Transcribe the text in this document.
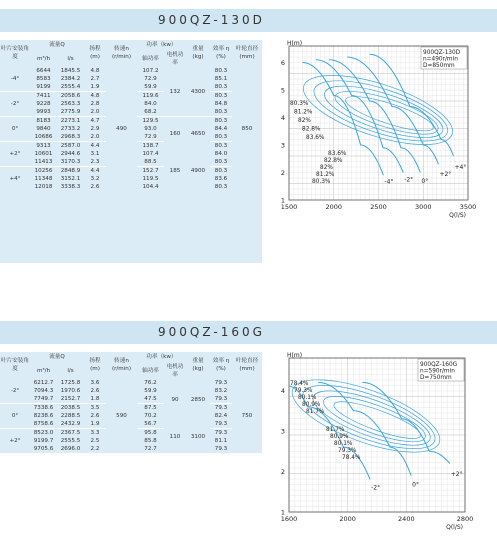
900QZ-130D
叶片安装角度	流量Q		扬程
(m)	转速n
(r/min)	功率（kw）		重量
(kg)	效率 η
(%)	叶轮直径
(mm)
	m³/h	l/s			轴功率	电机功率			
-4°	6644	1845.5	4.8	490	107.2	132	4300	80.3	850
	8583	2384.2	2.7		72.9			85.1	
	9199	2555.4	1.9		59.9			80.3	
-2°	7411	2058.6	4.8		119.6			80.3	
	9228	2563.3	2.8		84.0			84.8	
	9993	2775.9	2.0		68.2			80.3	
0°	8183	2273.1	4.7		129.5	160	4650	80.3	
	9840	2733.2	2.9		93.0			84.4	
	10686	2968.3	2.0		72.9			80.3	
+2°	9313	2587.0	4.4		138.7			80.3	
	10601	2944.6	3.1		107.4	185	4900	84.0	
	11413	3170.3	2.3		88.5			80.3	
+4°	10256	2848.9	4.4		152.7			80.3	
	11348	3152.1	3.2		119.5			83.6	
	12018	3338.3	2.6		104.4			80.3	
1500	2000	2500	3000	3500
1
2
3
4
5
6
H(m)
Q(l/S)
900QZ-130D
n=490r/min
D=850mm
-4° -2° 0°
+2°
+4°
80.3%
81.2%
82%
82.8%
83.6%
83.6%
82.8%
82%
81.2%
80.3%
900QZ-160G
叶片安装角度	流量Q		扬程
(m)	转速n
(r/min)	功率（kw）		重量
(kg)	效率 η
(%)	叶轮直径
(mm)
	m³/h	l/s			轴功率	电机功率			
-2°	6212.7	1725.8	3.6	590	76.2	90	2850	79.3	750
	7094.3	1970.6	2.6		59.9			83.2	
	7749.7	2152.7	1.8		47.5			79.3	
0°	7338.6	2038.5	3.5		87.5			79.3	
	8238.6	2288.5	2.6		70.2			82.4	
	8758.6	2432.9	1.9		56.7	110	3100	79.3	
+2°	8523.0	2367.5	3.3		95.8			79.3	
	9199.7	2555.5	2.5		85.8			81.1	
	9705.6	2696.0	2.2		72.7			79.3	
1600	2000	2400	2800
1
2
3
4
H(m)
Q(l/S)
900QZ-160G
n=590r/min
D=750mm
-2°	0°
+2°
78.4%
79.3%
80.1%
80.9%
81.7%
81.7%
80.9%
80.1%
79.3%
78.4%
